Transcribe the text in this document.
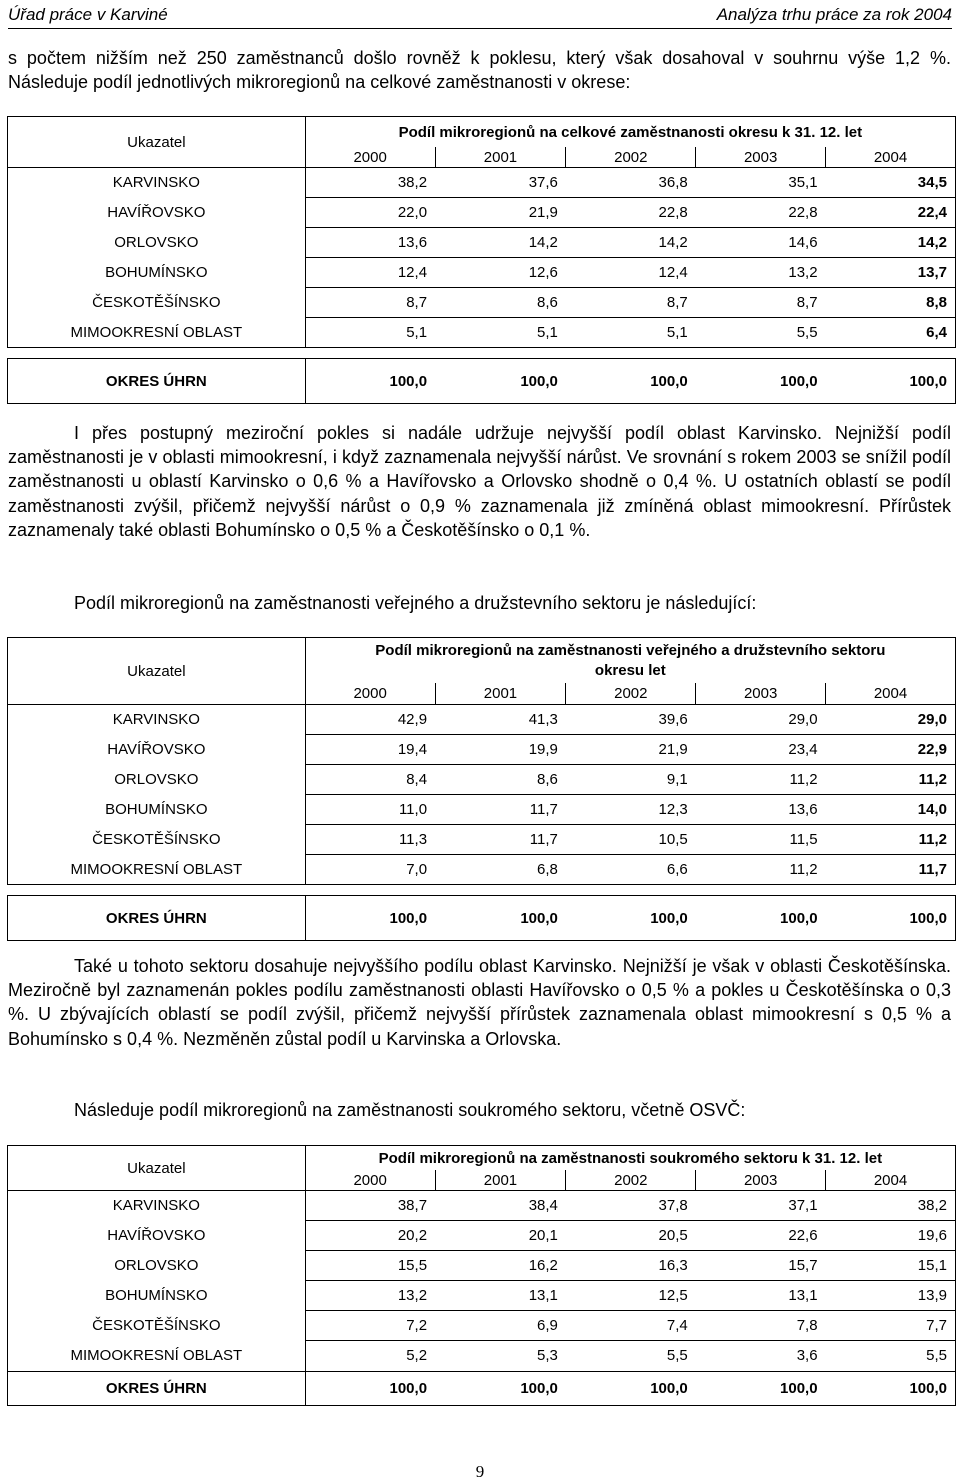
Úřad práce v Karviné	Analýza trhu práce za rok 2004

s počtem nižším než 250 zaměstnanců došlo rovněž k poklesu, který však dosahoval v souhrnu výše 1,2 %. Následuje podíl jednotlivých mikroregionů na celkové zaměstnanosti v okrese:

Ukazatel	Podíl mikroregionů na celkové zaměstnanosti okresu k 31. 12. let				
	2000	2001	2002	2003	2004
KARVINSKO	38,2	37,6	36,8	35,1	34,5
HAVÍŘOVSKO	22,0	21,9	22,8	22,8	22,4
ORLOVSKO	13,6	14,2	14,2	14,6	14,2
BOHUMÍNSKO	12,4	12,6	12,4	13,2	13,7
ČESKOTĚŠÍNSKO	8,7	8,6	8,7	8,7	8,8
MIMOOKRESNÍ OBLAST	5,1	5,1	5,1	5,5	6,4

OKRES ÚHRN	100,0	100,0	100,0	100,0	100,0

I přes postupný meziroční pokles si nadále udržuje nejvyšší podíl oblast Karvinsko. Nejnižší podíl zaměstnanosti je v oblasti mimookresní, i když zaznamenala nejvyšší nárůst. Ve srovnání s rokem 2003 se snížil podíl zaměstnanosti u oblastí Karvinsko o 0,6 % a Havířovsko a Orlovsko shodně o 0,4 %. U ostatních oblastí se podíl zaměstnanosti zvýšil, přičemž nejvyšší nárůst o 0,9 % zaznamenala již zmíněná oblast mimookresní. Přírůstek zaznamenaly také oblasti Bohumínsko o 0,5 % a Českotěšínsko o 0,1 %.

Podíl mikroregionů na zaměstnanosti veřejného a družstevního sektoru je následující:

Ukazatel	Podíl mikroregionů na zaměstnanosti veřejného a družstevního sektoru
okresu let				
	2000	2001	2002	2003	2004
KARVINSKO	42,9	41,3	39,6	29,0	29,0
HAVÍŘOVSKO	19,4	19,9	21,9	23,4	22,9
ORLOVSKO	8,4	8,6	9,1	11,2	11,2
BOHUMÍNSKO	11,0	11,7	12,3	13,6	14,0
ČESKOTĚŠÍNSKO	11,3	11,7	10,5	11,5	11,2
MIMOOKRESNÍ OBLAST	7,0	6,8	6,6	11,2	11,7

OKRES ÚHRN	100,0	100,0	100,0	100,0	100,0

Také u tohoto sektoru dosahuje nejvyššího podílu oblast Karvinsko. Nejnižší je však v oblasti Českotěšínska. Meziročně byl zaznamenán pokles podílu zaměstnanosti oblasti Havířovsko o 0,5 % a pokles u Českotěšínska o 0,3 %. U zbývajících oblastí se podíl zvýšil, přičemž nejvyšší přírůstek zaznamenala oblast mimookresní s 0,5 % a Bohumínsko s 0,4 %. Nezměněn zůstal podíl u Karvinska a Orlovska.

Následuje podíl mikroregionů na zaměstnanosti soukromého sektoru, včetně OSVČ:

Ukazatel	Podíl mikroregionů na zaměstnanosti soukromého sektoru k 31. 12. let				
	2000	2001	2002	2003	2004
KARVINSKO	38,7	38,4	37,8	37,1	38,2
HAVÍŘOVSKO	20,2	20,1	20,5	22,6	19,6
ORLOVSKO	15,5	16,2	16,3	15,7	15,1
BOHUMÍNSKO	13,2	13,1	12,5	13,1	13,9
ČESKOTĚŠÍNSKO	7,2	6,9	7,4	7,8	7,7
MIMOOKRESNÍ OBLAST	5,2	5,3	5,5	3,6	5,5
OKRES ÚHRN	100,0	100,0	100,0	100,0	100,0
9
